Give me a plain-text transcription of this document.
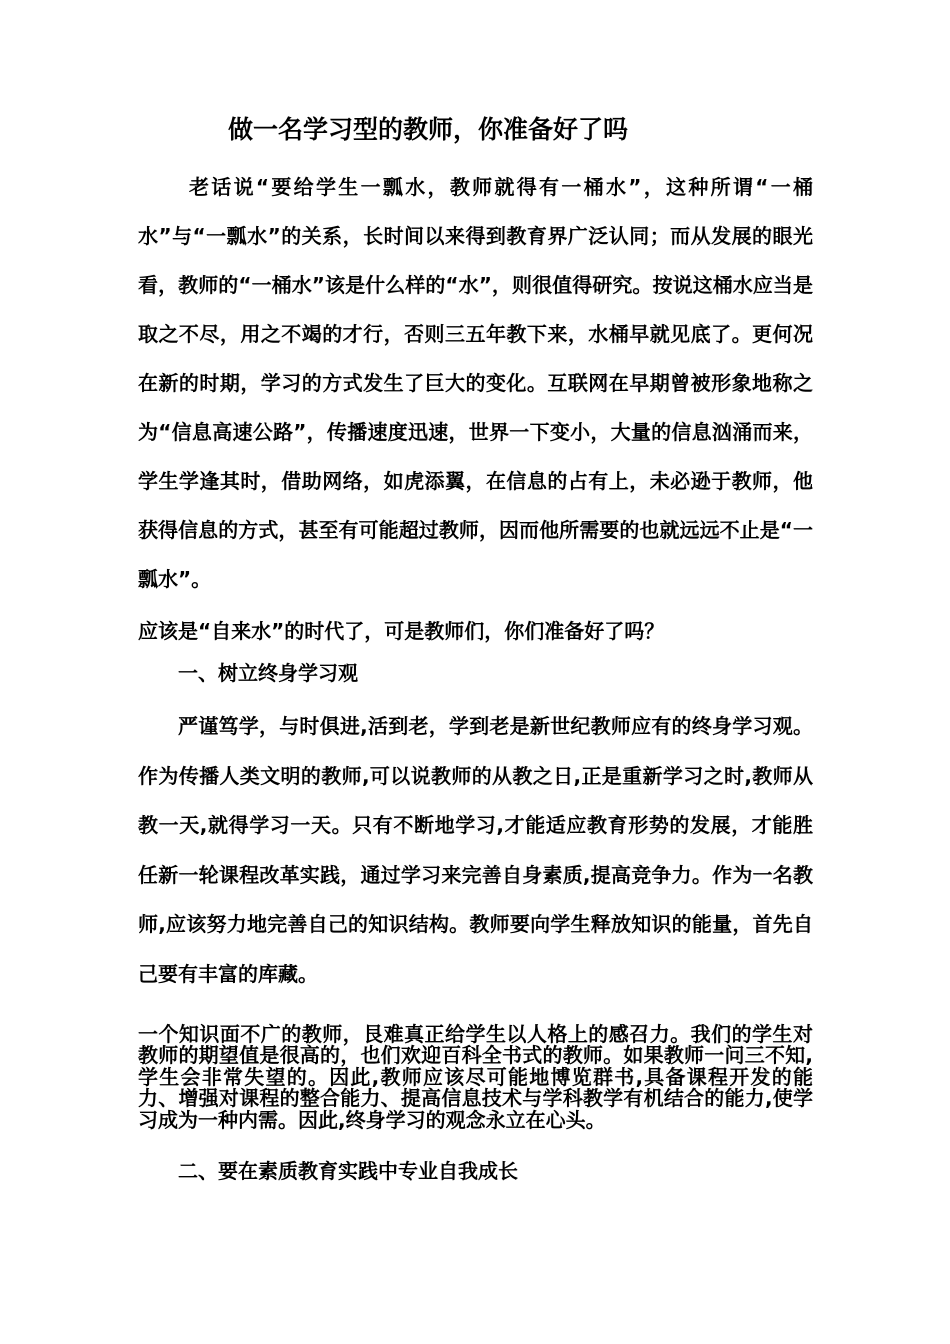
做一名学习型的教师，你准备好了吗

老话说“要给学生一瓢水，教师就得有一桶水”，这种所谓“一桶水”与“一瓢水”的关系，长时间以来得到教育界广泛认同；而从发展的眼光看，教师的“一桶水”该是什么样的“水”，则很值得研究。按说这桶水应当是取之不尽，用之不竭的才行，否则三五年教下来，水桶早就见底了。更何况在新的时期，学习的方式发生了巨大的变化。互联网在早期曾被形象地称之为“信息高速公路”，传播速度迅速，世界一下变小，大量的信息汹涌而来，学生学逢其时，借助网络，如虎添翼，在信息的占有上，未必逊于教师，他获得信息的方式，甚至有可能超过教师，因而他所需要的也就远远不止是“一瓢水”。

应该是“自来水”的时代了，可是教师们，你们准备好了吗？

一、树立终身学习观

严谨笃学，与时俱进,活到老，学到老是新世纪教师应有的终身学习观。作为传播人类文明的教师,可以说教师的从教之日,正是重新学习之时,教师从教一天,就得学习一天。只有不断地学习,才能适应教育形势的发展，才能胜任新一轮课程改革实践，通过学习来完善自身素质,提高竞争力。作为一名教师,应该努力地完善自己的知识结构。教师要向学生释放知识的能量，首先自己要有丰富的库藏。

一个知识面不广的教师，艮难真正给学生以人格上的感召力。我们的学生对教师的期望值是很高的，也们欢迎百科全书式的教师。如果教师一问三不知,学生会非常失望的。因此,教师应该尽可能地博览群书,具备课程开发的能力、增强对课程的整合能力、提高信息技术与学科教学有机结合的能力,使学习成为一种内需。因此,终身学习的观念永立在心头。

二、要在素质教育实践中专业自我成长
